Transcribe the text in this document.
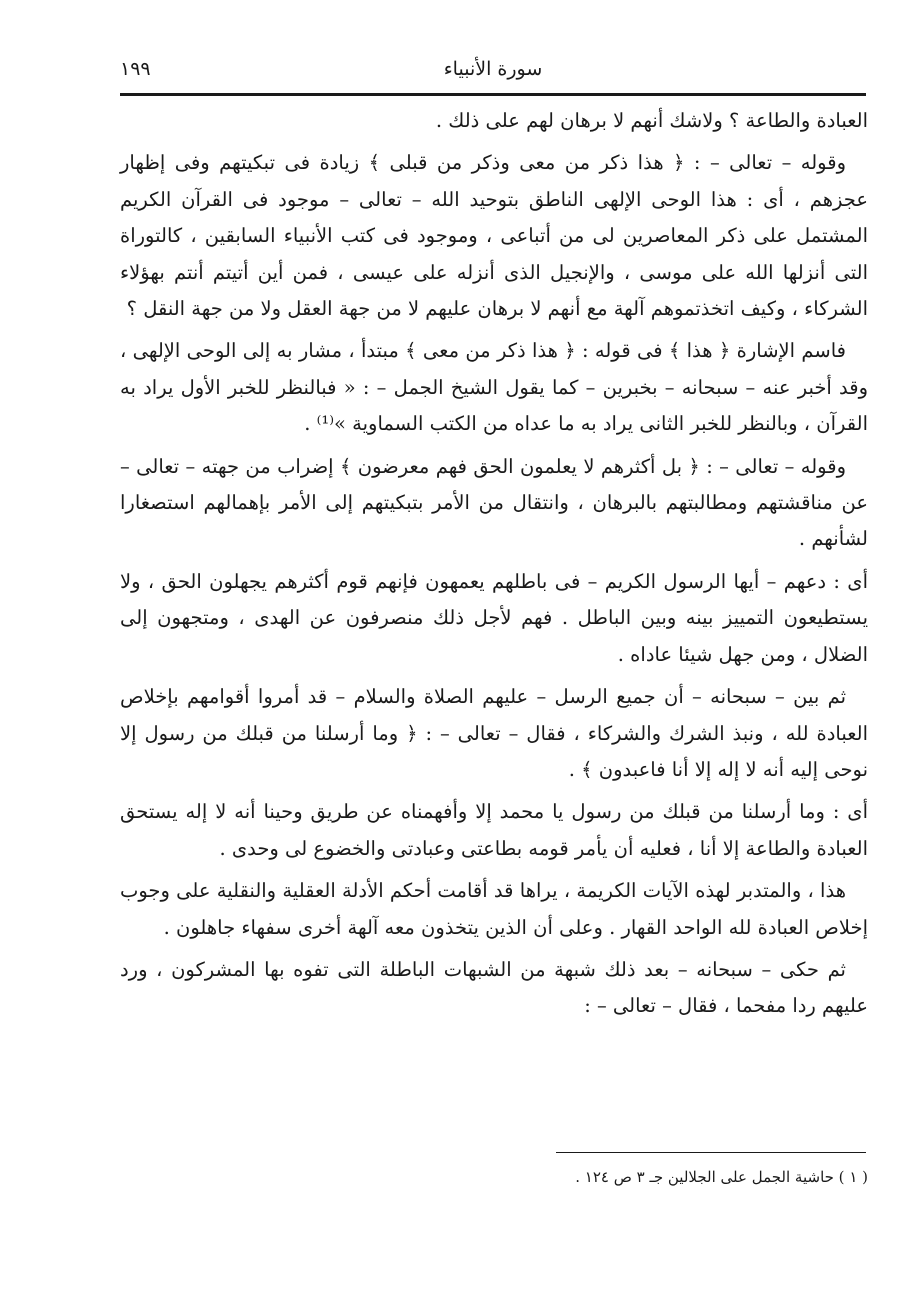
سورة الأنبياء
١٩٩

العبادة والطاعة ؟ ولاشك أنهم لا برهان لهم على ذلك .

وقوله – تعالى – : ﴿ هذا ذكر من معى وذكر من قبلى ﴾ زيادة فى تبكيتهم وفى إظهار عجزهم ، أى : هذا الوحى الإلهى الناطق بتوحيد الله – تعالى – موجود فى القرآن الكريم المشتمل على ذكر المعاصرين لى من أتباعى ، وموجود فى كتب الأنبياء السابقين ، كالتوراة التى أنزلها الله على موسى ، والإنجيل الذى أنزله على عيسى ، فمن أين أتيتم أنتم بهؤلاء الشركاء ، وكيف اتخذتموهم آلهة مع أنهم لا برهان عليهم لا من جهة العقل ولا من جهة النقل ؟

فاسم الإشارة ﴿ هذا ﴾ فى قوله : ﴿ هذا ذكر من معى ﴾ مبتدأ ، مشار به إلى الوحى الإلهى ، وقد أخبر عنه – سبحانه – بخبرين – كما يقول الشيخ الجمل – : « فبالنظر للخبر الأول يراد به القرآن ، وبالنظر للخبر الثانى يراد به ما عداه من الكتب السماوية »⁽¹⁾ .

وقوله – تعالى – : ﴿ بل أكثرهم لا يعلمون الحق فهم معرضون ﴾ إضراب من جهته – تعالى – عن مناقشتهم ومطالبتهم بالبرهان ، وانتقال من الأمر بتبكيتهم إلى الأمر بإهمالهم استصغارا لشأنهم .

أى : دعهم – أيها الرسول الكريم – فى باطلهم يعمهون فإنهم قوم أكثرهم يجهلون الحق ، ولا يستطيعون التمييز بينه وبين الباطل . فهم لأجل ذلك منصرفون عن الهدى ، ومتجهون إلى الضلال ، ومن جهل شيئا عاداه .

ثم بين – سبحانه – أن جميع الرسل – عليهم الصلاة والسلام – قد أمروا أقوامهم بإخلاص العبادة لله ، ونبذ الشرك والشركاء ، فقال – تعالى – : ﴿ وما أرسلنا من قبلك من رسول إلا نوحى إليه أنه لا إله إلا أنا فاعبدون ﴾ .

أى : وما أرسلنا من قبلك من رسول يا محمد إلا وأفهمناه عن طريق وحينا أنه لا إله يستحق العبادة والطاعة إلا أنا ، فعليه أن يأمر قومه بطاعتى وعبادتى والخضوع لى وحدى .

هذا ، والمتدبر لهذه الآيات الكريمة ، يراها قد أقامت أحكم الأدلة العقلية والنقلية على وجوب إخلاص العبادة لله الواحد القهار . وعلى أن الذين يتخذون معه آلهة أخرى سفهاء جاهلون .

ثم حكى – سبحانه – بعد ذلك شبهة من الشبهات الباطلة التى تفوه بها المشركون ، ورد عليهم ردا مفحما ، فقال – تعالى – :

( ١ ) حاشية الجمل على الجلالين جـ ٣ ص ١٢٤ .
